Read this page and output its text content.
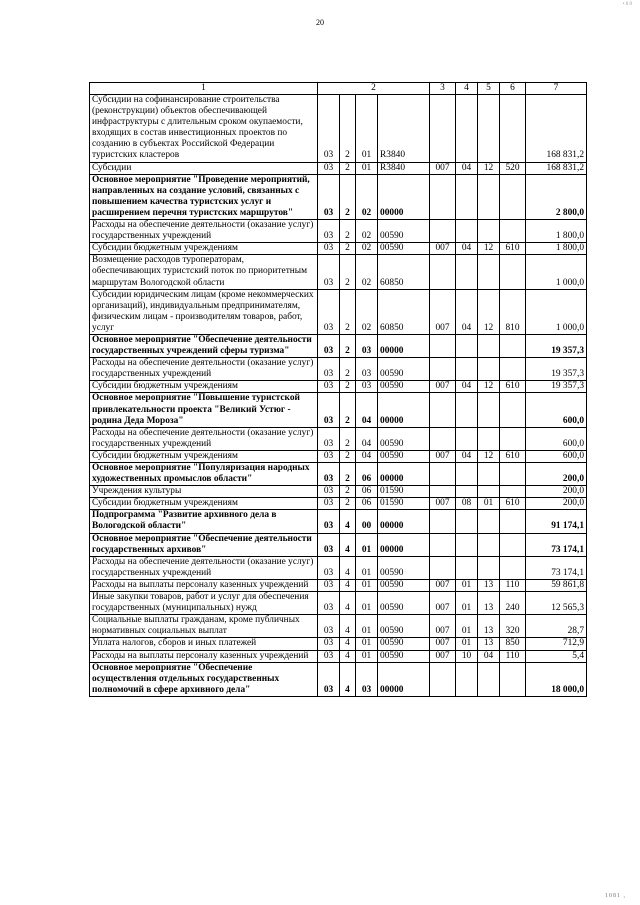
• 0 0
20
1	2				3	4	5	6	7
Субсидии на софинансирование строительства (реконструкции) объектов обеспечивающей инфраструктуры с длительным сроком окупаемости, входящих в состав инвестиционных проектов по созданию в субъектах Российской Федерации туристских кластеров	03	2	01	R3840					168 831,2
Субсидии	03	2	01	R3840	007	04	12	520	168 831,2
Основное мероприятие "Проведение мероприятий, направленных на создание условий, связанных с повышением качества туристских услуг и расширением перечня туристских маршрутов"	03	2	02	00000					2 800,0
Расходы на обеспечение деятельности (оказание услуг) государственных учреждений	03	2	02	00590					1 800,0
Субсидии бюджетным учреждениям	03	2	02	00590	007	04	12	610	1 800,0
Возмещение расходов туроператорам, обеспечивающих туристский поток по приоритетным маршрутам Вологодской области	03	2	02	60850					1 000,0
Субсидии юридическим лицам (кроме некоммерческих организаций), индивидуальным предпринимателям, физическим лицам - производителям товаров, работ, услуг	03	2	02	60850	007	04	12	810	1 000,0
Основное мероприятие "Обеспечение деятельности государственных учреждений сферы туризма"	03	2	03	00000					19 357,3
Расходы на обеспечение деятельности (оказание услуг) государственных учреждений	03	2	03	00590					19 357,3
Субсидии бюджетным учреждениям	03	2	03	00590	007	04	12	610	19 357,3
Основное мероприятие "Повышение туристской привлекательности проекта "Великий Устюг - родина Деда Мороза"	03	2	04	00000					600,0
Расходы на обеспечение деятельности (оказание услуг) государственных учреждений	03	2	04	00590					600,0
Субсидии бюджетным учреждениям	03	2	04	00590	007	04	12	610	600,0
Основное мероприятие "Популяризация народных художественных промыслов области"	03	2	06	00000					200,0
Учреждения культуры	03	2	06	01590					200,0
Субсидии бюджетным учреждениям	03	2	06	01590	007	08	01	610	200,0
Подпрограмма "Развитие архивного дела в Вологодской области"	03	4	00	00000					91 174,1
Основное мероприятие "Обеспечение деятельности государственных архивов"	03	4	01	00000					73 174,1
Расходы на обеспечение деятельности (оказание услуг) государственных учреждений	03	4	01	00590					73 174,1
Расходы на выплаты персоналу казенных учреждений	03	4	01	00590	007	01	13	110	59 861,8
Иные закупки товаров, работ и услуг для обеспечения государственных (муниципальных) нужд	03	4	01	00590	007	01	13	240	12 565,3
Социальные выплаты гражданам, кроме публичных нормативных социальных выплат	03	4	01	00590	007	01	13	320	28,7
Уплата налогов, сборов и иных платежей	03	4	01	00590	007	01	13	850	712,9
Расходы на выплаты персоналу казенных учреждений	03	4	01	00590	007	10	04	110	5,4
Основное мероприятие "Обеспечение осуществления отдельных государственных полномочий в сфере архивного дела"	03	4	03	00000					18 000,0
1081 ,
